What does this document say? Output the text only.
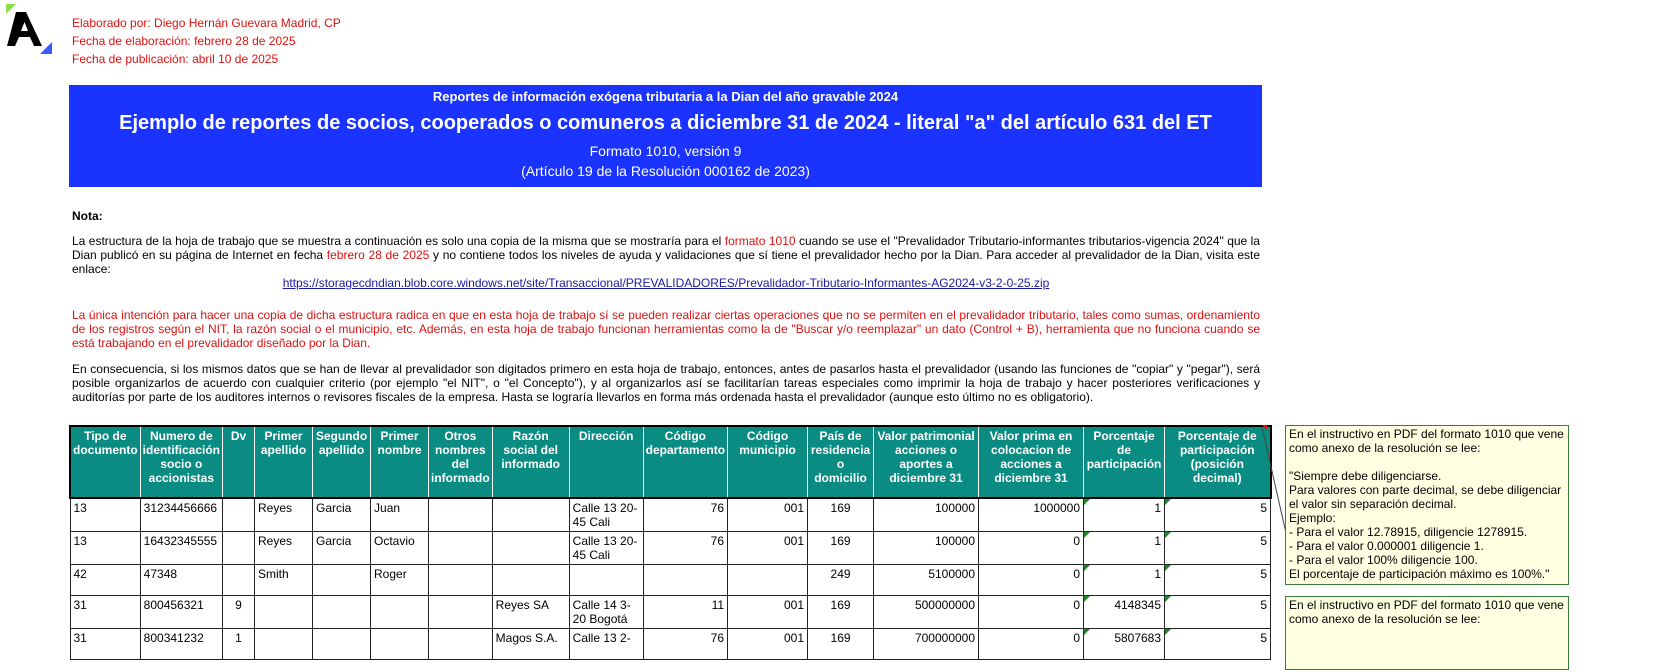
Elaborado por: Diego Hernán Guevara Madrid, CP
Fecha de elaboración: febrero 28 de 2025
Fecha de publicación: abril 10 de 2025
Reportes de información exógena tributaria a la Dian del año gravable 2024
Ejemplo de reportes de socios, cooperados o comuneros a diciembre 31 de 2024 - literal "a" del artículo 631 del ET
Formato 1010, versión 9
(Artículo 19 de la Resolución 000162 de 2023)
Nota:
La estructura de la hoja de trabajo que se muestra a continuación es solo una copia de la misma que se mostraría para el formato 1010 cuando se use el "Prevalidador Tributario-informantes tributarios-vigencia 2024" que la Dian publicó en su página de Internet en fecha febrero 28 de 2025 y no contiene todos los niveles de ayuda y validaciones que sí tiene el prevalidador hecho por la Dian. Para acceder al prevalidador de la Dian, visita este enlace:
https://storagecdndian.blob.core.windows.net/site/Transaccional/PREVALIDADORES/Prevalidador-Tributario-Informantes-AG2024-v3-2-0-25.zip
La única intención para hacer una copia de dicha estructura radica en que en esta hoja de trabajo sí se pueden realizar ciertas operaciones que no se permiten en el prevalidador tributario, tales como sumas, ordenamiento de los registros según el NIT, la razón social o el municipio, etc. Además, en esta hoja de trabajo funcionan herramientas como la de "Buscar y/o reemplazar" un dato (Control + B), herramienta que no funciona cuando se está trabajando en el prevalidador diseñado por la Dian.
En consecuencia, si los mismos datos que se han de llevar al prevalidador son digitados primero en esta hoja de trabajo, entonces, antes de pasarlos hasta el prevalidador (usando las funciones de "copiar" y "pegar"), será posible organizarlos de acuerdo con cualquier criterio (por ejemplo "el NIT", o "el Concepto"), y al organizarlos así se facilitarían tareas especiales como imprimir la hoja de trabajo y hacer posteriores verificaciones y auditorías por parte de los auditores internos o revisores fiscales de la empresa. Hasta se lograría llevarlos en forma más ordenada hasta el prevalidador (aunque esto último no es obligatorio).
Tipo de documento	Numero de identificación socio o accionistas	Dv	Primer apellido	Segundo apellido	Primer nombre	Otros nombres del informado	Razón social del informado	Dirección	Código departamento	Código municipio	País de residencia o domicilio	Valor patrimonial acciones o aportes a diciembre 31	Valor prima en colocacion de acciones a diciembre 31	Porcentaje de participación	Porcentaje de participación (posición decimal)
13	31234456666		Reyes	Garcia	Juan			Calle 13 20-45 Cali	76	001	169	100000	1000000	1	5
13	16432345555		Reyes	Garcia	Octavio			Calle 13 20-45 Cali	76	001	169	100000	0	1	5
42	47348		Smith		Roger						249	5100000	0	1	5
31	800456321	9					Reyes SA	Calle 14 3-20 Bogotá	11	001	169	500000000	0	4148345	5
31	800341232	1					Magos S.A.	Calle 13 2-	76	001	169	700000000	0	5807683	5
En el instructivo en PDF del formato 1010 que vene como anexo de la resolución se lee:

"Siempre debe diligenciarse.
Para valores con parte decimal, se debe diligenciar el valor sin separación decimal.
Ejemplo:
- Para el valor 12.78915, diligencie 1278915.
- Para el valor 0.000001 diligencie 1.
- Para el valor 100% diligencie 100.
El porcentaje de participación máximo es 100%."
En el instructivo en PDF del formato 1010 que vene como anexo de la resolución se lee:
